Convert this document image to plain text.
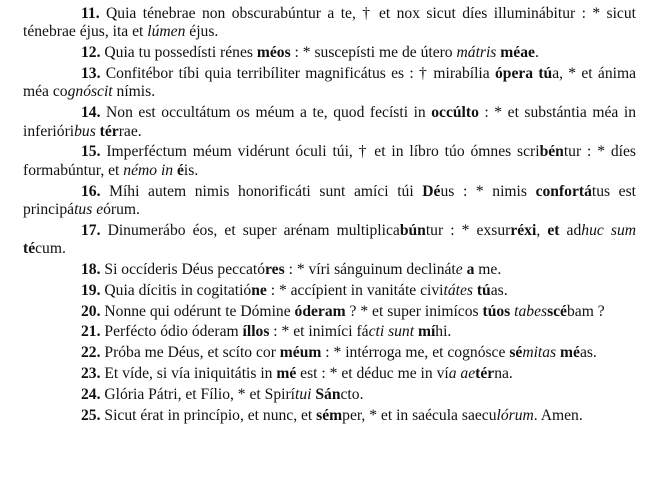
11. Quia ténebrae non obscurabúntur a te, † et nox sicut díes illuminábitur : * sicut ténebrae éjus, ita et lúmen éjus.

12. Quia tu possedísti rénes méos : * suscepísti me de útero mátris méae.

13. Confitébor tíbi quia terribíliter magnificátus es : † mirabília ópera túa, * et ánima méa cognóscit nímis.

14. Non est occultátum os méum a te, quod fecísti in occúlto : * et substántia méa in inferióribus térrae.

15. Imperféctum méum vidérunt óculi túi, † et in líbro túo ómnes scribéntur : * díes formabúntur, et némo in éis.

16. Míhi autem nimis honorificáti sunt amíci túi Déus : * nimis confortátus est principátus eórum.

17. Dinumerábo éos, et super arénam multiplicabúntur : * exsurréxi, et adhuc sum técum.

18. Si occíderis Déus peccatóres : * víri sánguinum declináte a me.

19. Quia dícitis in cogitatióne : * accípient in vanitáte civitátes túas.

20. Nonne qui odérunt te Dómine óderam ? * et super inimícos túos tabesscébam ?

21. Perfécto ódio óderam íllos : * et inimíci fácti sunt míhi.

22. Próba me Déus, et scíto cor méum : * intérroga me, et cognósce sémitas méas.

23. Et víde, si vía iniquitátis in mé est : * et déduc me in vía aetérna.

24. Glória Pátri, et Fílio, * et Spirítui Sáncto.

25. Sicut érat in princípio, et nunc, et sémper, * et in saécula saeculórum. Amen.
